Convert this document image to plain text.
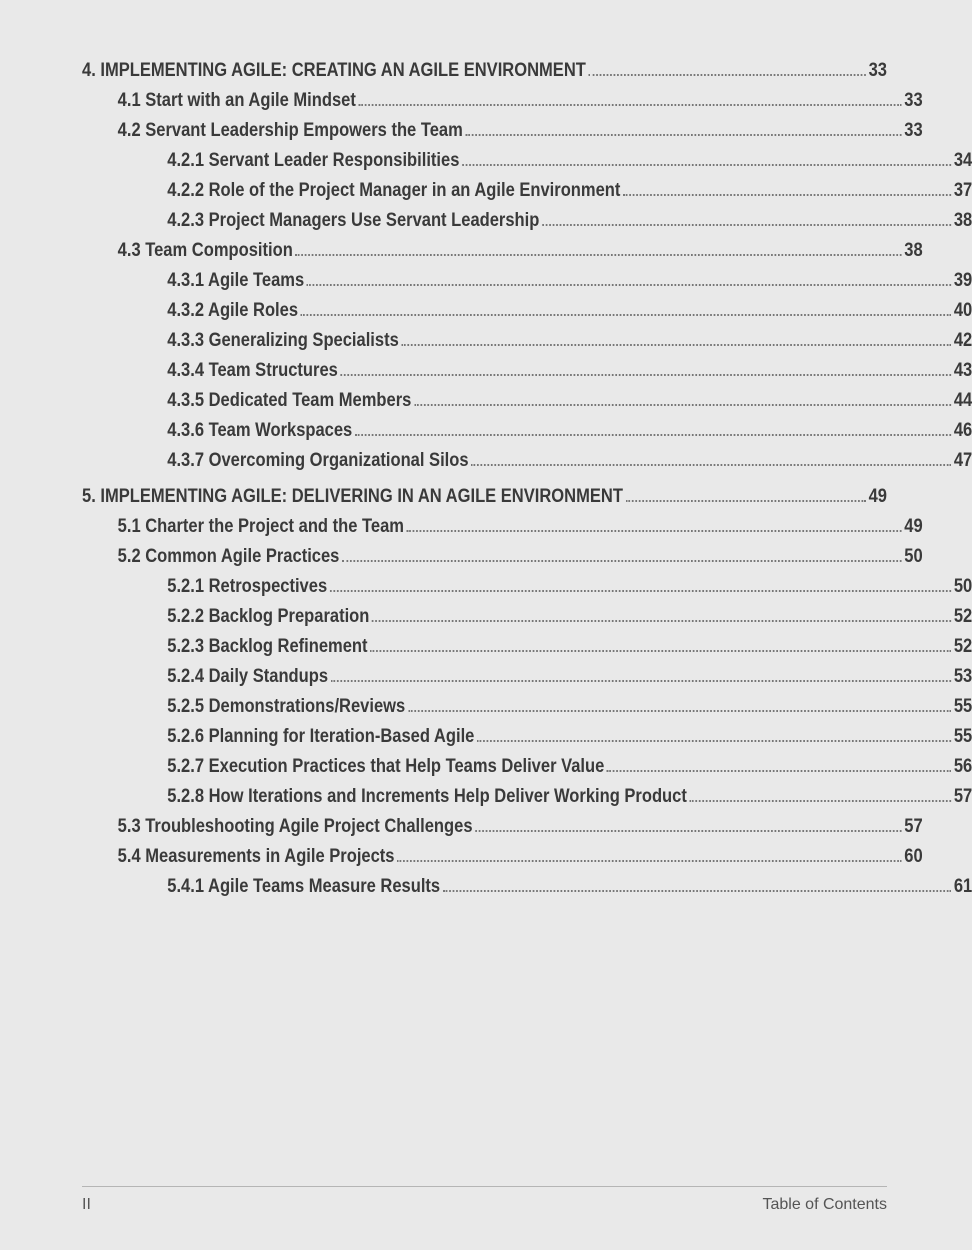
4. IMPLEMENTING AGILE: CREATING AN AGILE ENVIRONMENT	33
4.1 Start with an Agile Mindset	33
4.2 Servant Leadership Empowers the Team	33
4.2.1 Servant Leader Responsibilities	34
4.2.2 Role of the Project Manager in an Agile Environment	37
4.2.3 Project Managers Use Servant Leadership	38
4.3 Team Composition	38
4.3.1 Agile Teams	39
4.3.2 Agile Roles	40
4.3.3 Generalizing Specialists	42
4.3.4 Team Structures	43
4.3.5 Dedicated Team Members	44
4.3.6 Team Workspaces	46
4.3.7 Overcoming Organizational Silos	47
5. IMPLEMENTING AGILE: DELIVERING IN AN AGILE ENVIRONMENT	49
5.1 Charter the Project and the Team	49
5.2 Common Agile Practices	50
5.2.1 Retrospectives	50
5.2.2 Backlog Preparation	52
5.2.3 Backlog Refinement	52
5.2.4 Daily Standups	53
5.2.5 Demonstrations/Reviews	55
5.2.6 Planning for Iteration-Based Agile	55
5.2.7 Execution Practices that Help Teams Deliver Value	56
5.2.8 How Iterations and Increments Help Deliver Working Product	57
5.3 Troubleshooting Agile Project Challenges	57
5.4 Measurements in Agile Projects	60
5.4.1 Agile Teams Measure Results	61
II	Table of Contents
